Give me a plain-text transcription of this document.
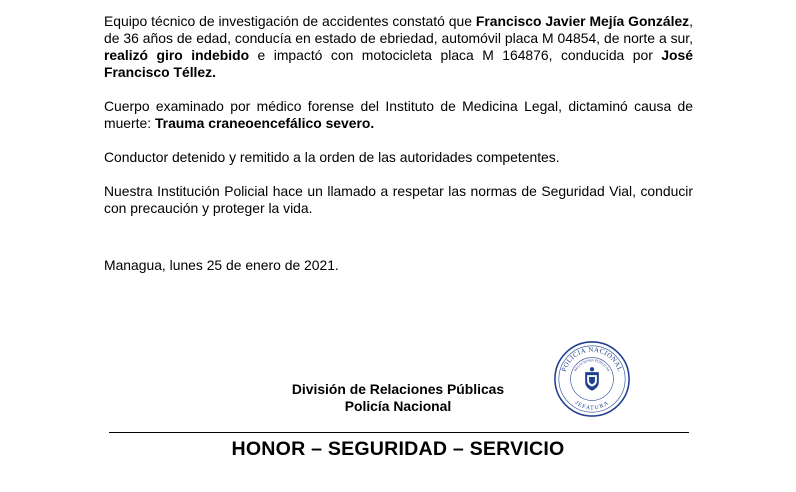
Equipo técnico de investigación de accidentes constató que Francisco Javier Mejía González, de 36 años de edad, conducía en estado de ebriedad, automóvil placa M 04854, de norte a sur, realizó giro indebido e impactó con motocicleta placa M 164876, conducida por José Francisco Téllez.

Cuerpo examinado por médico forense del Instituto de Medicina Legal, dictaminó causa de muerte: Trauma craneoencefálico severo.

Conductor detenido y remitido a la orden de las autoridades competentes.

Nuestra Institución Policial hace un llamado a respetar las normas de Seguridad Vial, conducir con precaución y proteger la vida.

Managua, lunes 25 de enero de 2021.

División de Relaciones Públicas
Policía Nacional
POLICIA NACIONAL
RELACIONES PUBLICAS
JEFATURA
HONOR – SEGURIDAD – SERVICIO
